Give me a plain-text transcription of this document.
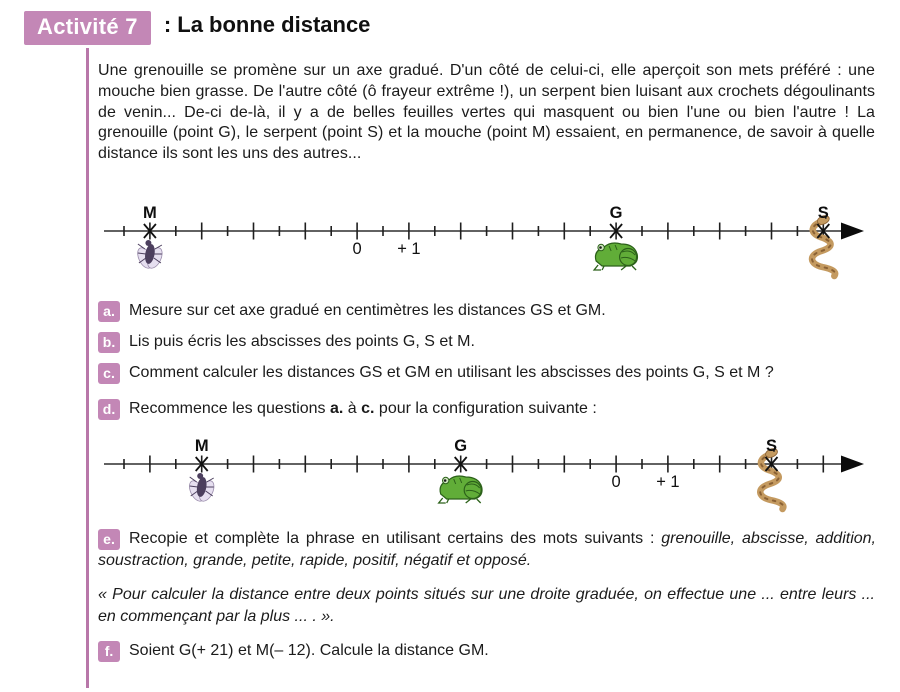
Activité 7 : La bonne distance

Une grenouille se promène sur un axe gradué. D'un côté de celui-ci, elle aperçoit son mets préféré : une mouche bien grasse. De l'autre côté (ô frayeur extrême !), un serpent bien luisant aux crochets dégoulinants de venin... De-ci de-là, il y a de belles feuilles vertes qui masquent ou bien l'une ou bien l'autre ! La grenouille (point G), le serpent (point S) et la mouche (point M) essaient, en permanence, de savoir à quelle distance ils sont les uns des autres...

0 + 1
M	G	S
a. Mesure sur cet axe gradué en centimètres les distances GS et GM.
b. Lis puis écris les abscisses des points G, S et M.
c. Comment calculer les distances GS et GM en utilisant les abscisses des points G, S et M ?
d. Recommence les questions a. à c. pour la configuration suivante :
0 + 1
M	G	S

e. Recopie et complète la phrase en utilisant certains des mots suivants : grenouille, abscisse, addition, soustraction, grande, petite, rapide, positif, négatif et opposé.

« Pour calculer la distance entre deux points situés sur une droite graduée, on effectue une ... entre leurs ... en commençant par la plus ... . ».

f. Soient G(+ 21) et M(– 12). Calcule la distance GM.
